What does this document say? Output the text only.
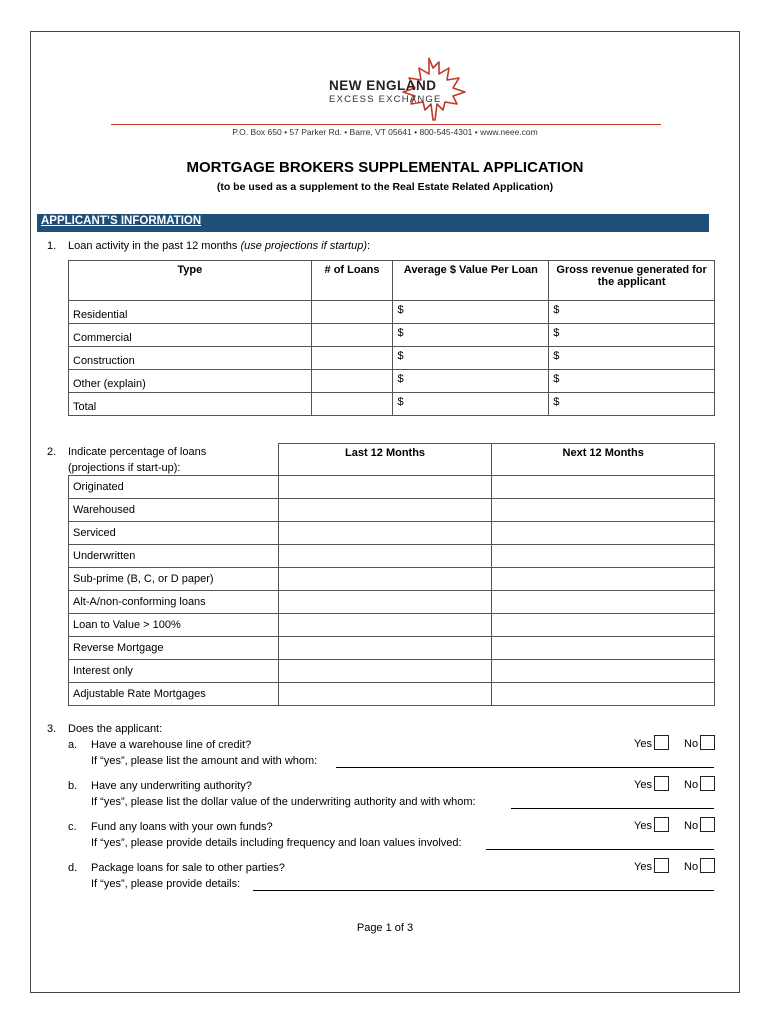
NEW ENGLAND
EXCESS EXCHANGE
P.O. Box 650 • 57 Parker Rd. • Barre, VT 05641 • 800-545-4301 • www.neee.com
MORTGAGE BROKERS SUPPLEMENTAL APPLICATION
(to be used as a supplement to the Real Estate Related Application)
APPLICANT’S INFORMATION
1. Loan activity in the past 12 months (use projections if startup):
Type	# of Loans	Average $ Value Per Loan	Gross revenue generated for the applicant
Residential		$	$
Commercial		$	$
Construction		$	$
Other (explain)		$	$
Total		$	$
2. Indicate percentage of loans
(projections if start-up):
	Last 12 Months	Next 12 Months
Originated		
Warehoused		
Serviced		
Underwritten		
Sub-prime (B, C, or D paper)		
Alt-A/non-conforming loans		
Loan to Value > 100%		
Reverse Mortgage		
Interest only		
Adjustable Rate Mortgages		
3. Does the applicant:
a. Have a warehouse line of credit?	Yes	No
If “yes”, please list the amount and with whom:
b. Have any underwriting authority?	Yes	No
If “yes”, please list the dollar value of the underwriting authority and with whom:
c. Fund any loans with your own funds?	Yes	No
If “yes”, please provide details including frequency and loan values involved:
d. Package loans for sale to other parties?	Yes	No
If “yes”, please provide details:
Page 1 of 3
